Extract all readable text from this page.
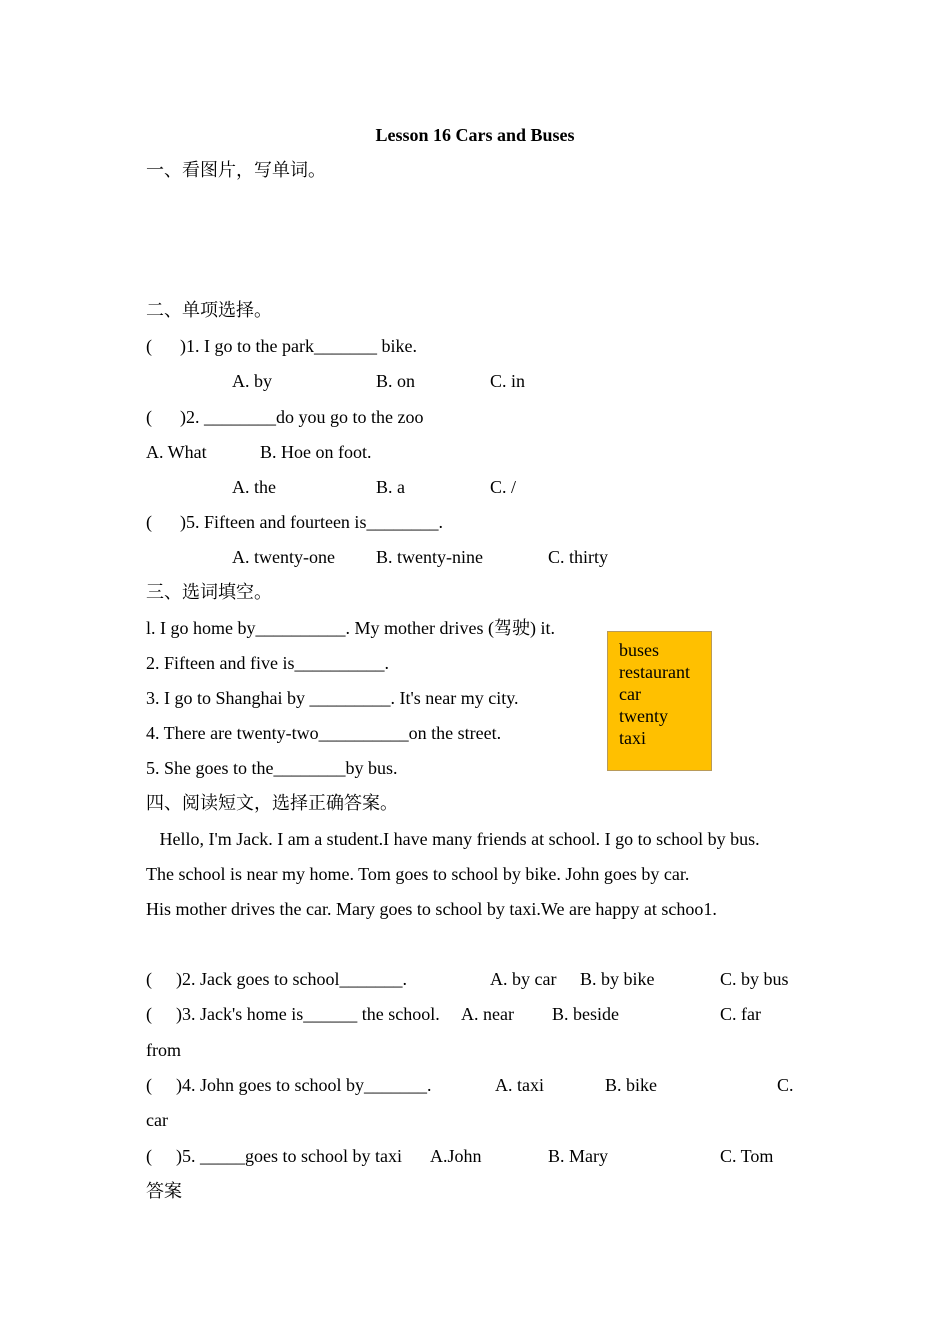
Lesson 16 Cars and Buses
一、看图片，写单词。
二、单项选择。
( )1. I go to the park_______ bike.
A. by	B. on	C. in
( )2. ________do you go to the zoo
A. What	B. Hoe on foot.
A. the	B. a	C. /
( )5. Fifteen and fourteen is________.
A. twenty-one B. twenty-nine	C. thirty
三、选词填空。
l. I go home by__________. My mother drives (驾驶) it.
2. Fifteen and five is__________.
3. I go to Shanghai by _________. It's near my city.
4. There are twenty-two__________on the street.
5. She goes to the________by bus.
buses
restaurant
car
twenty
taxi
四、阅读短文，选择正确答案。
Hello, I'm Jack. I am a student.I have many friends at school. I go to school by bus.
The school is near my home. Tom goes to school by bike. John goes by car.
His mother drives the car. Mary goes to school by taxi.We are happy at schoo1.
( )2. Jack goes to school_______.	A. by car B. by bike	C. by bus
( )3. Jack's home is______ the school. A. near B. beside	C. far
from
( )4. John goes to school by_______.	A. taxi	B. bike	C.
car
( )5. _____goes to school by taxi A.John	B. Mary	C. Tom
答案
